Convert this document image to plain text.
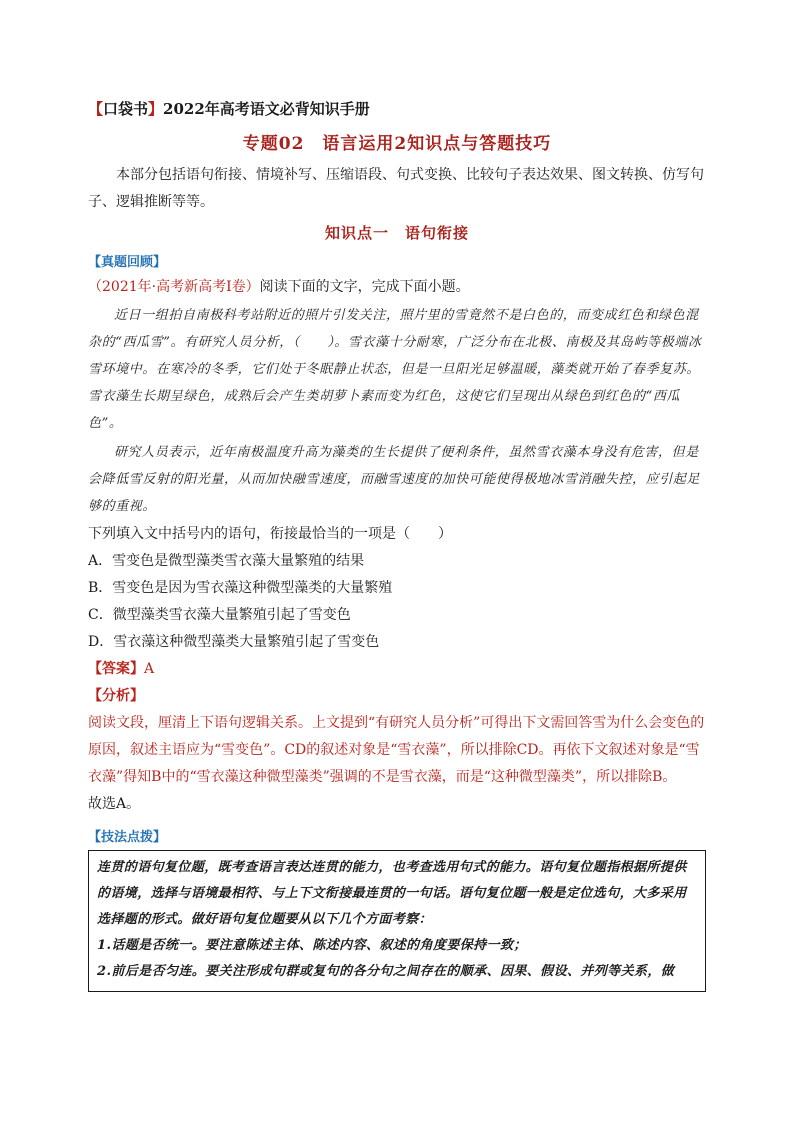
【口袋书】2022年高考语文必背知识手册
专题02　语言运用2知识点与答题技巧
本部分包括语句衔接、情境补写、压缩语段、句式变换、比较句子表达效果、图文转换、仿写句子、逻辑推断等等。
知识点一　语句衔接
【真题回顾】
（2021年·高考新高考I卷）阅读下面的文字，完成下面小题。
近日一组拍自南极科考站附近的照片引发关注，照片里的雪竟然不是白色的，而变成红色和绿色混杂的“西瓜雪”。有研究人员分析，（　　）。雪衣藻十分耐寒，广泛分布在北极、南极及其岛屿等极端冰雪环境中。在寒冷的冬季，它们处于冬眠静止状态，但是一旦阳光足够温暖，藻类就开始了春季复苏。雪衣藻生长期呈绿色，成熟后会产生类胡萝卜素而变为红色，这使它们呈现出从绿色到红色的“西瓜色”。
研究人员表示，近年南极温度升高为藻类的生长提供了便利条件，虽然雪衣藻本身没有危害，但是会降低雪反射的阳光量，从而加快融雪速度，而融雪速度的加快可能使得极地冰雪消融失控，应引起足够的重视。
下列填入文中括号内的语句，衔接最恰当的一项是（　　）
A．雪变色是微型藻类雪衣藻大量繁殖的结果
B．雪变色是因为雪衣藻这种微型藻类的大量繁殖
C．微型藻类雪衣藻大量繁殖引起了雪变色
D．雪衣藻这种微型藻类大量繁殖引起了雪变色
【答案】A
【分析】
阅读文段，厘清上下语句逻辑关系。上文提到“有研究人员分析”可得出下文需回答雪为什么会变色的原因，叙述主语应为“雪变色”。CD的叙述对象是“雪衣藻”，所以排除CD。再依下文叙述对象是“雪衣藻”得知B中的“雪衣藻这种微型藻类”强调的不是雪衣藻，而是“这种微型藻类”，所以排除B。
故选A。
【技法点拨】
连贯的语句复位题，既考查语言表达连贯的能力，也考查选用句式的能力。语句复位题指根据所提供的语境，选择与语境最相符、与上下文衔接最连贯的一句话。语句复位题一般是定位选句，大多采用选择题的形式。做好语句复位题要从以下几个方面考察：
1.话题是否统一。要注意陈述主体、陈述内容、叙述的角度要保持一致；
2.前后是否匀连。要关注形成句群或复句的各分句之间存在的顺承、因果、假设、并列等关系，做
